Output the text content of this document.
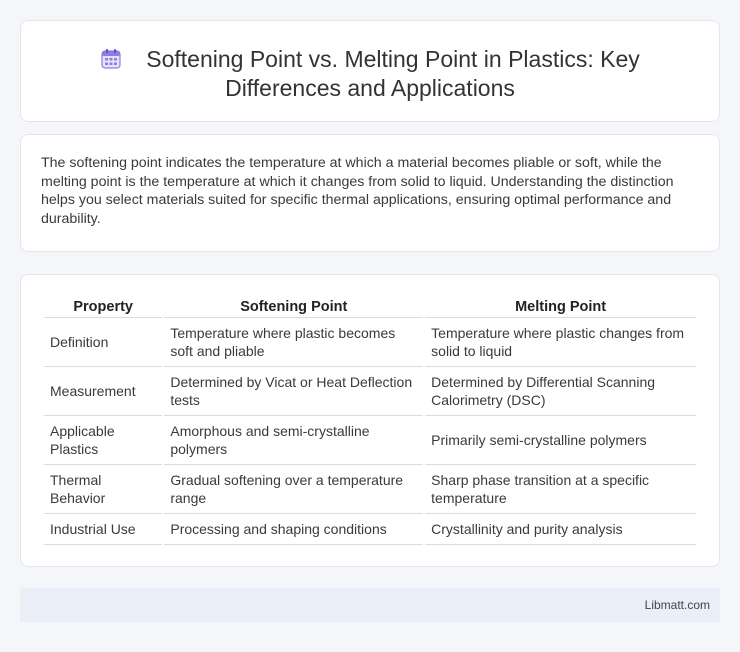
Softening Point vs. Melting Point in Plastics: Key Differences and Applications

The softening point indicates the temperature at which a material becomes pliable or soft, while the melting point is the temperature at which it changes from solid to liquid. Understanding the distinction helps you select materials suited for specific thermal applications, ensuring optimal performance and durability.

Property	Softening Point	Melting Point
Definition	Temperature where plastic becomes soft and pliable	Temperature where plastic changes from solid to liquid
Measurement	Determined by Vicat or Heat Deflection tests	Determined by Differential Scanning Calorimetry (DSC)
Applicable Plastics	Amorphous and semi-crystalline polymers	Primarily semi-crystalline polymers
Thermal Behavior	Gradual softening over a temperature range	Sharp phase transition at a specific temperature
Industrial Use	Processing and shaping conditions	Crystallinity and purity analysis
Libmatt.com
